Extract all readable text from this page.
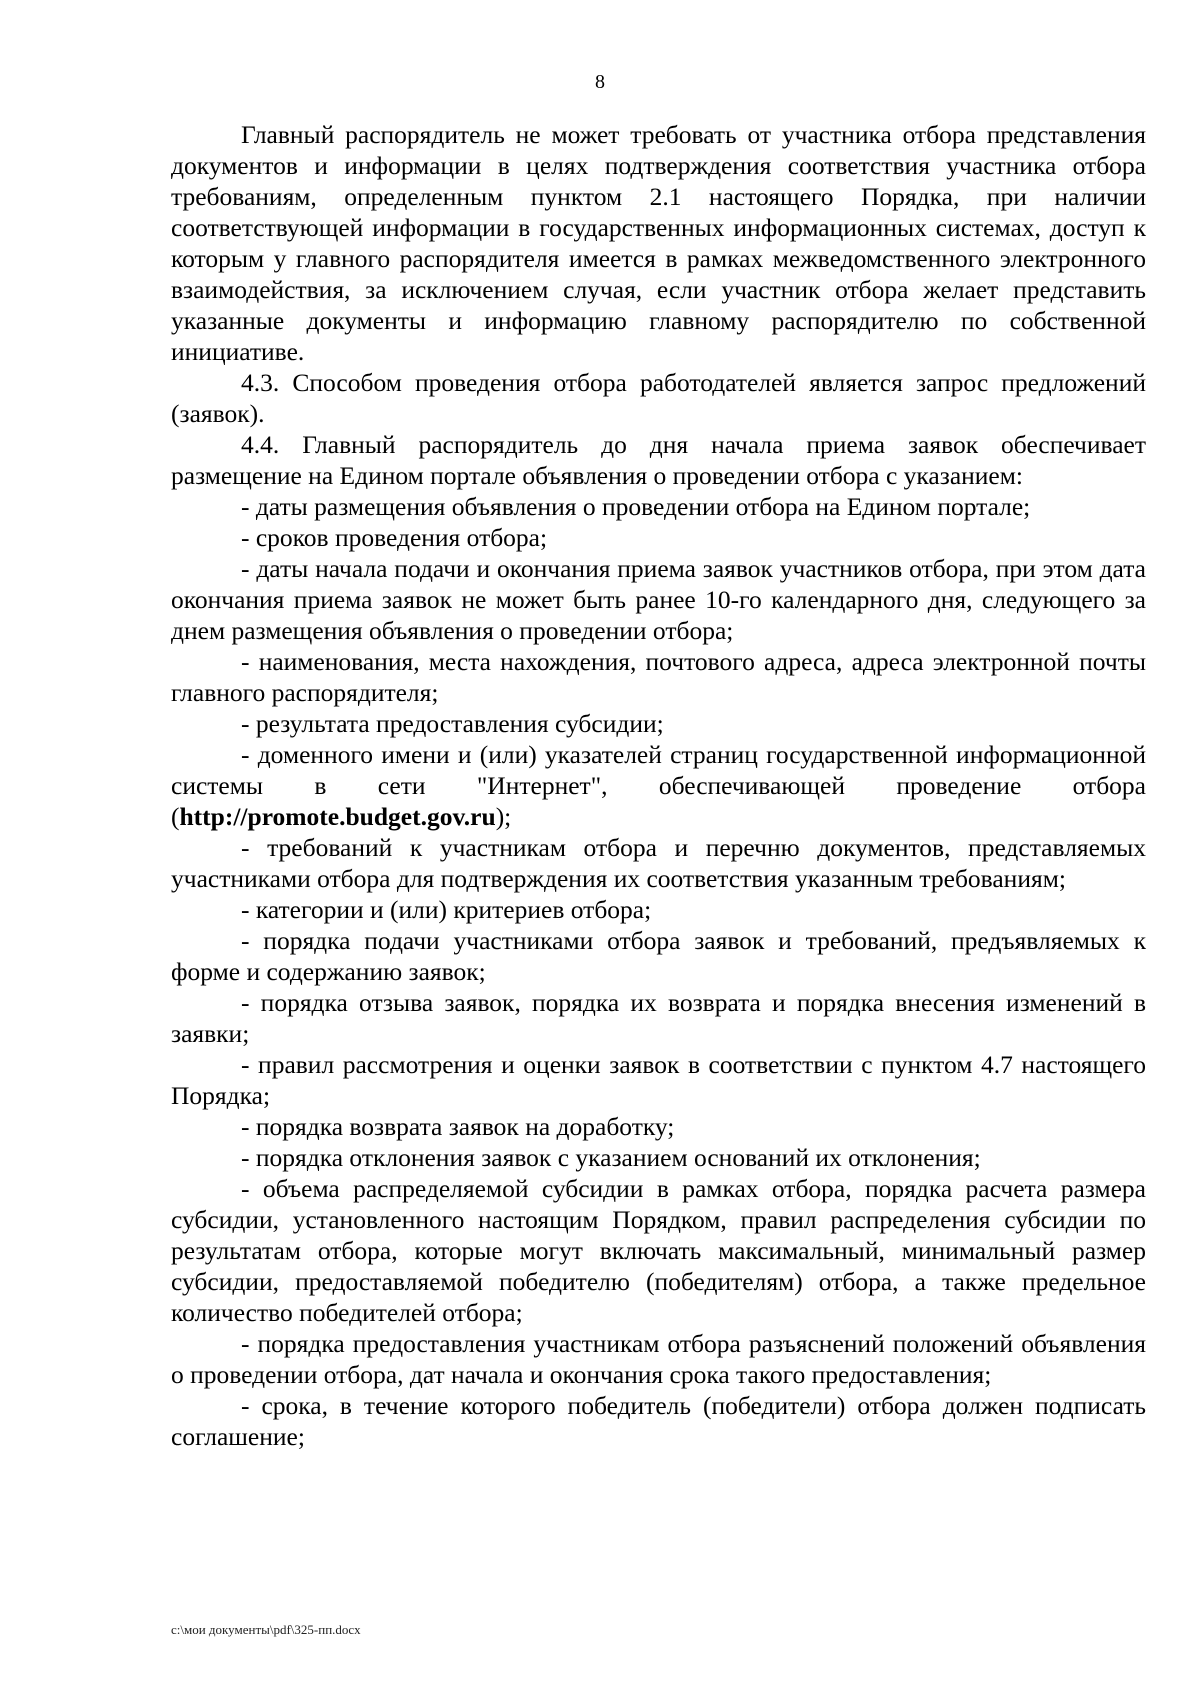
8

Главный распорядитель не может требовать от участника отбора представления документов и информации в целях подтверждения соответствия участника отбора требованиям, определенным пунктом 2.1 настоящего Порядка, при наличии соответствующей информации в государственных информационных системах, доступ к которым у главного распорядителя имеется в рамках межведомственного электронного взаимодействия, за исключением случая, если участник отбора желает представить указанные документы и информацию главному распорядителю по собственной инициативе.

4.3. Способом проведения отбора работодателей является запрос предложений (заявок).

4.4. Главный распорядитель до дня начала приема заявок обеспечивает размещение на Едином портале объявления о проведении отбора с указанием:

- даты размещения объявления о проведении отбора на Едином портале;

- сроков проведения отбора;

- даты начала подачи и окончания приема заявок участников отбора, при этом дата окончания приема заявок не может быть ранее 10-го календарного дня, следующего за днем размещения объявления о проведении отбора;

- наименования, места нахождения, почтового адреса, адреса электронной почты главного распорядителя;

- результата предоставления субсидии;

- доменного имени и (или) указателей страниц государственной информационной системы в сети "Интернет", обеспечивающей проведение отбора (http://promote.budget.gov.ru);

- требований к участникам отбора и перечню документов, представляемых участниками отбора для подтверждения их соответствия указанным требованиям;

- категории и (или) критериев отбора;

- порядка подачи участниками отбора заявок и требований, предъявляемых к форме и содержанию заявок;

- порядка отзыва заявок, порядка их возврата и порядка внесения изменений в заявки;

- правил рассмотрения и оценки заявок в соответствии с пунктом 4.7 настоящего Порядка;

- порядка возврата заявок на доработку;

- порядка отклонения заявок с указанием оснований их отклонения;

- объема распределяемой субсидии в рамках отбора, порядка расчета размера субсидии, установленного настоящим Порядком, правил распределения субсидии по результатам отбора, которые могут включать максимальный, минимальный размер субсидии, предоставляемой победителю (победителям) отбора, а также предельное количество победителей отбора;

- порядка предоставления участникам отбора разъяснений положений объявления о проведении отбора, дат начала и окончания срока такого предоставления;

- срока, в течение которого победитель (победители) отбора должен подписать соглашение;

c:\мои документы\pdf\325-пп.docx
